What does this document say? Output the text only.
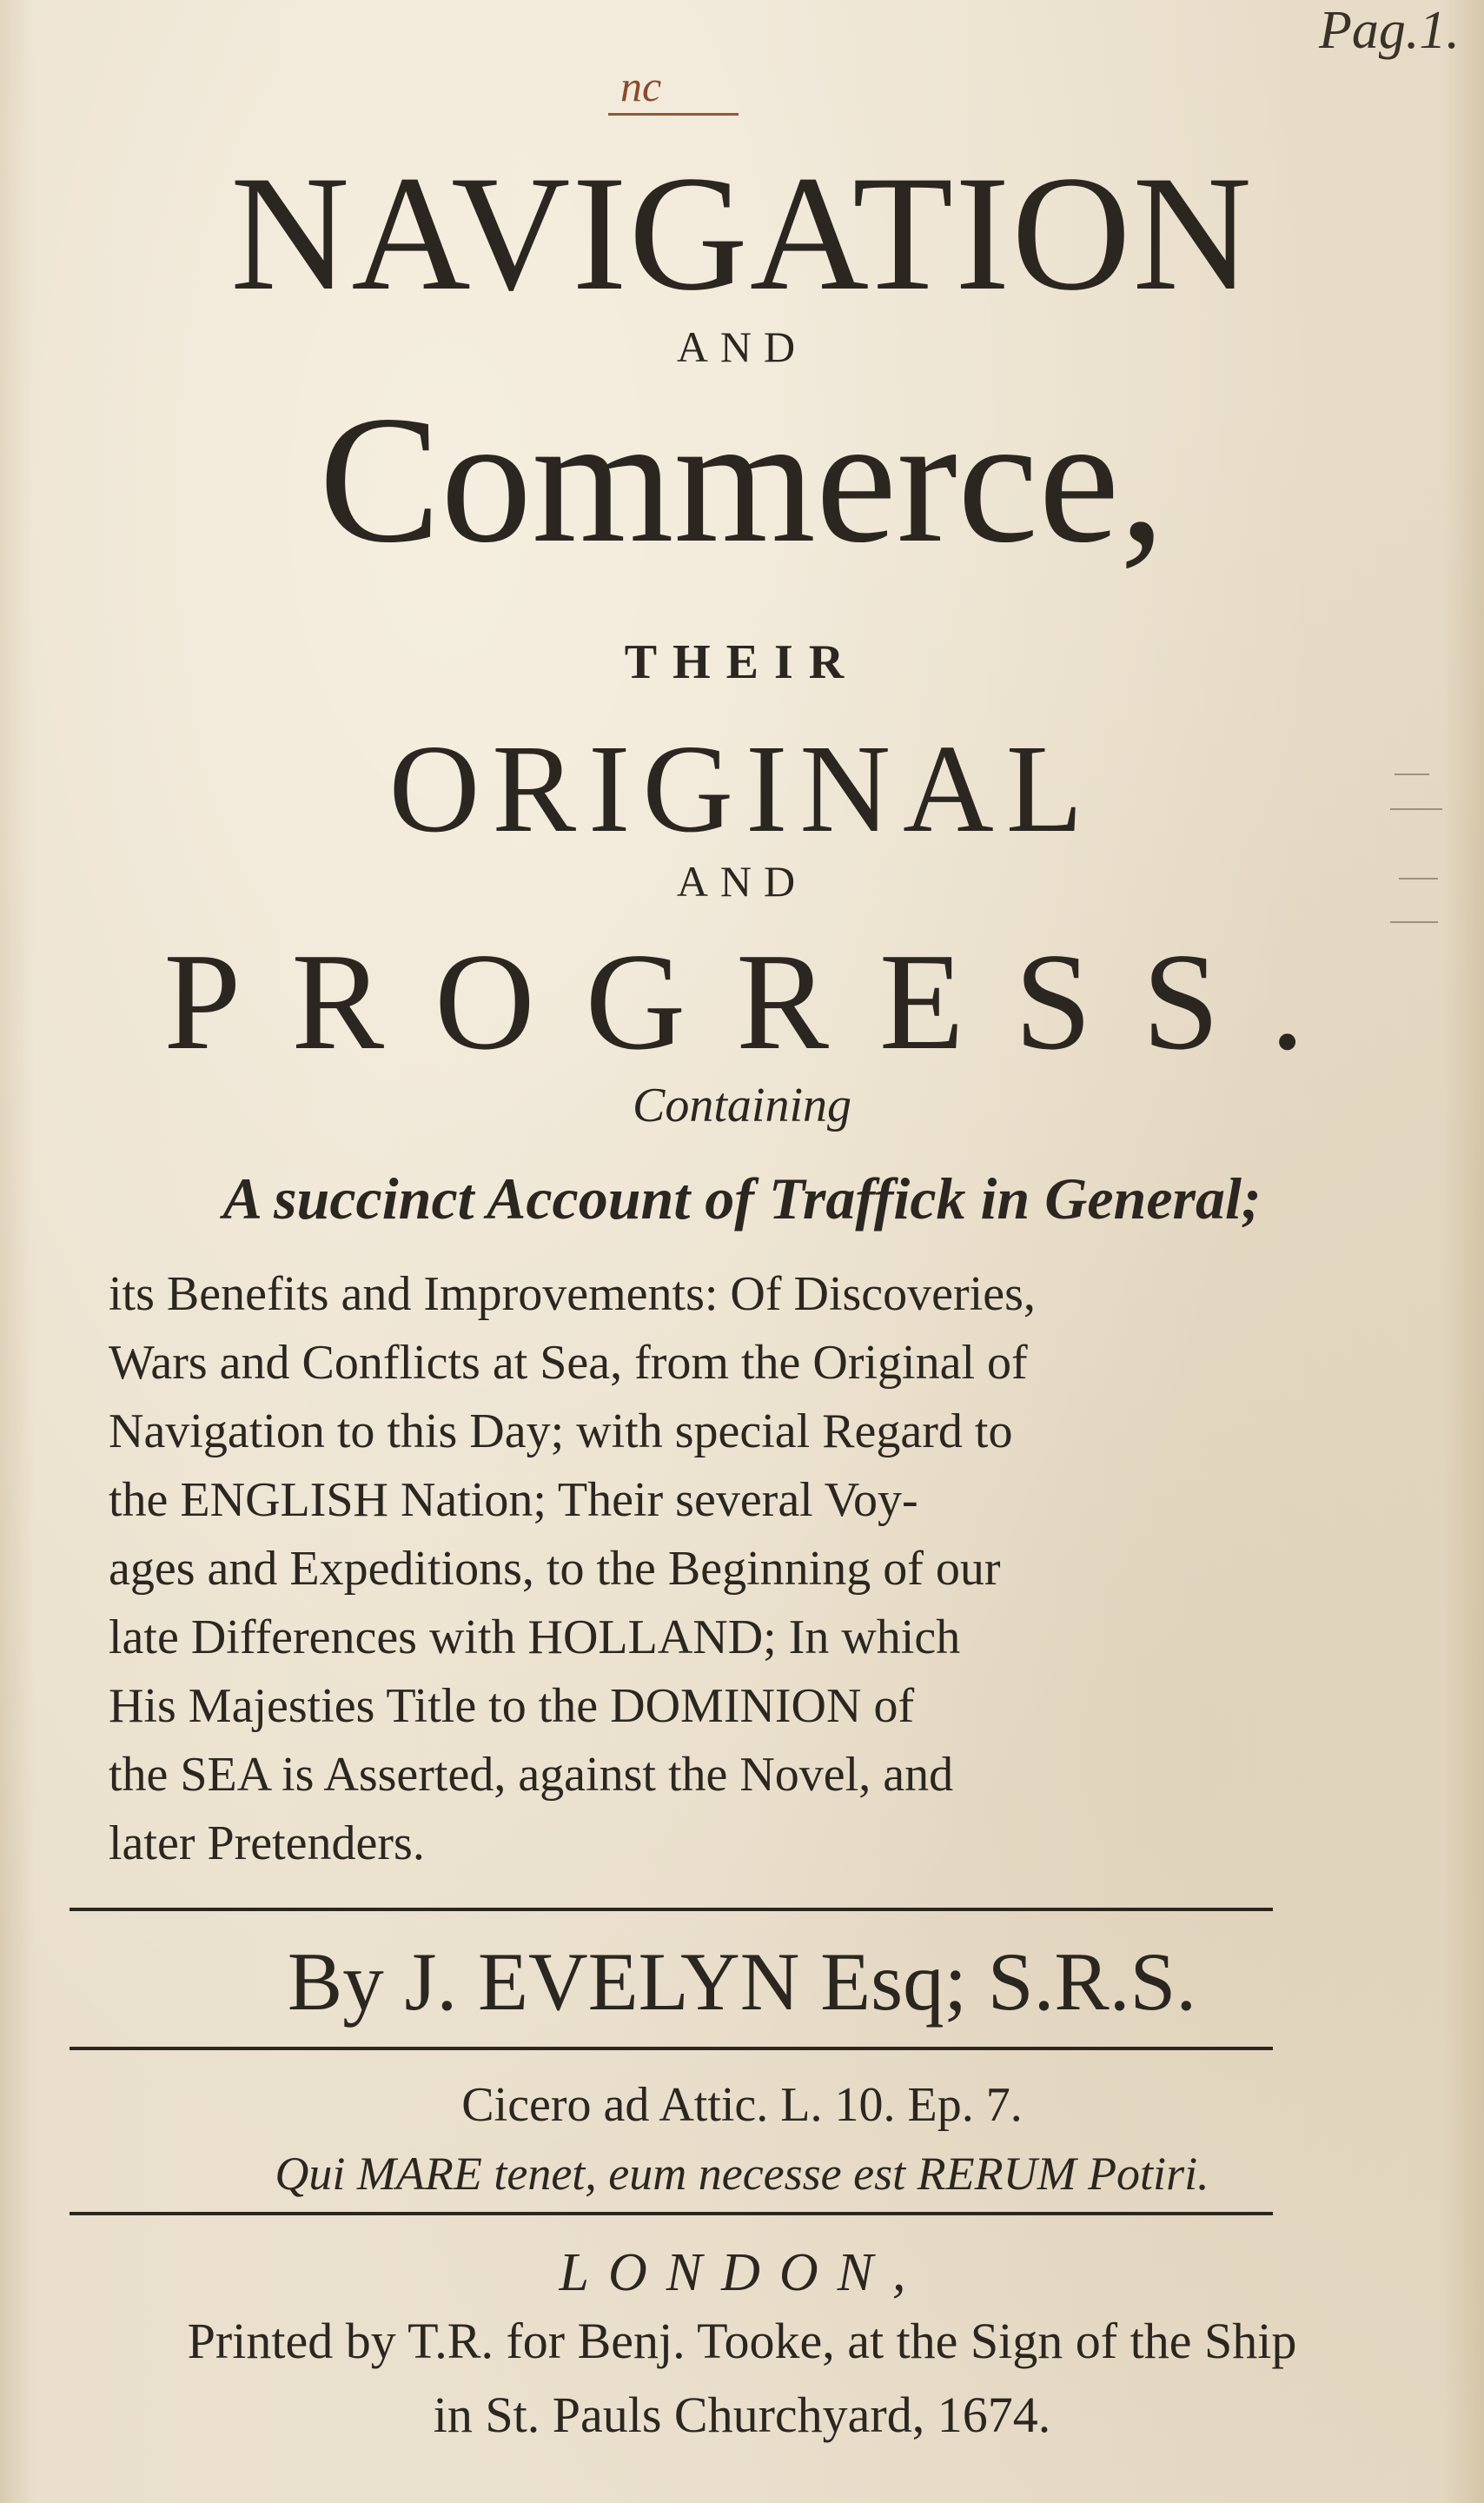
Pag.1.
nc
NAVIGATION
AND
Commerce,
THEIR
ORIGINAL
AND
PROGRESS.
Containing
A succinct Account of Traffick in General;

its Benefits and Improvements: Of Discoveries,

Wars and Conflicts at Sea, from the Original of

Navigation to this Day; with special Regard to

the ENGLISH Nation; Their several Voy-

ages and Expeditions, to the Beginning of our

late Differences with HOLLAND; In which

His Majesties Title to the DOMINION of

the SEA is Asserted, against the Novel, and

later Pretenders.

By J. EVELYN Esq; S.R.S.
Cicero ad Attic. L. 10. Ep. 7.
Qui MARE tenet, eum necesse est RERUM Potiri.
LONDON,
Printed by T.R. for Benj. Tooke, at the Sign of the Ship
in St. Pauls Churchyard, 1674.
